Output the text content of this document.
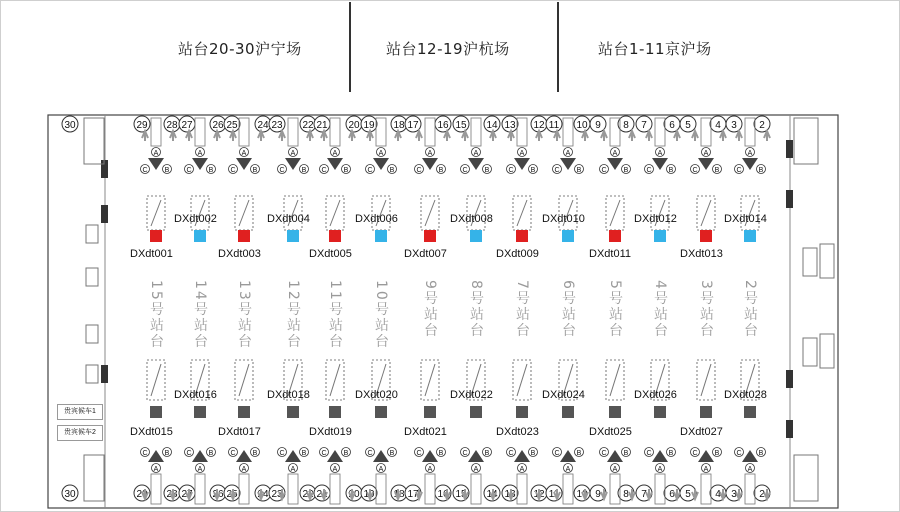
站台20-30沪宁场	站台12-19沪杭场	站台1-11京沪场
贵宾候车1
贵宾候车2
30	29 28 27 26 25 24 23 22 21 20 19 18 17 16 15 14 13 12 11 10 9 8 7 6 5 4 3 2
30	29 28 27 26 25 24 23 22 21 20 19 18 17 16 15 14 13 12 11 10 9 8 7 6 5 4 3 2
A
C B
C B
A
A
C B
C B
A
A
C B
C B
A
A
C B
C B
A
A
C B
C B
A
A
C B
C B
A
A
C B
C B
A
A
C B
C B
A
A
C B
C B
A
A
C B
C B
A
A
C B
C B
A
A
C B
C B
A
A
C B
C B
A
A
C B
C B
A
15号站台
DXdt001
DXdt015
14号站台
DXdt002
DXdt016
13号站台
DXdt003
DXdt017
12号站台
DXdt004
DXdt018
11号站台
DXdt005
DXdt019
10号站台
DXdt006
DXdt020
9号站台
DXdt007
DXdt021
8号站台
DXdt008
DXdt022
7号站台
DXdt009
DXdt023
6号站台
DXdt010
DXdt024
5号站台
DXdt011
DXdt025
4号站台
DXdt012
DXdt026
3号站台
DXdt013
DXdt027
2号站台
DXdt014
DXdt028
